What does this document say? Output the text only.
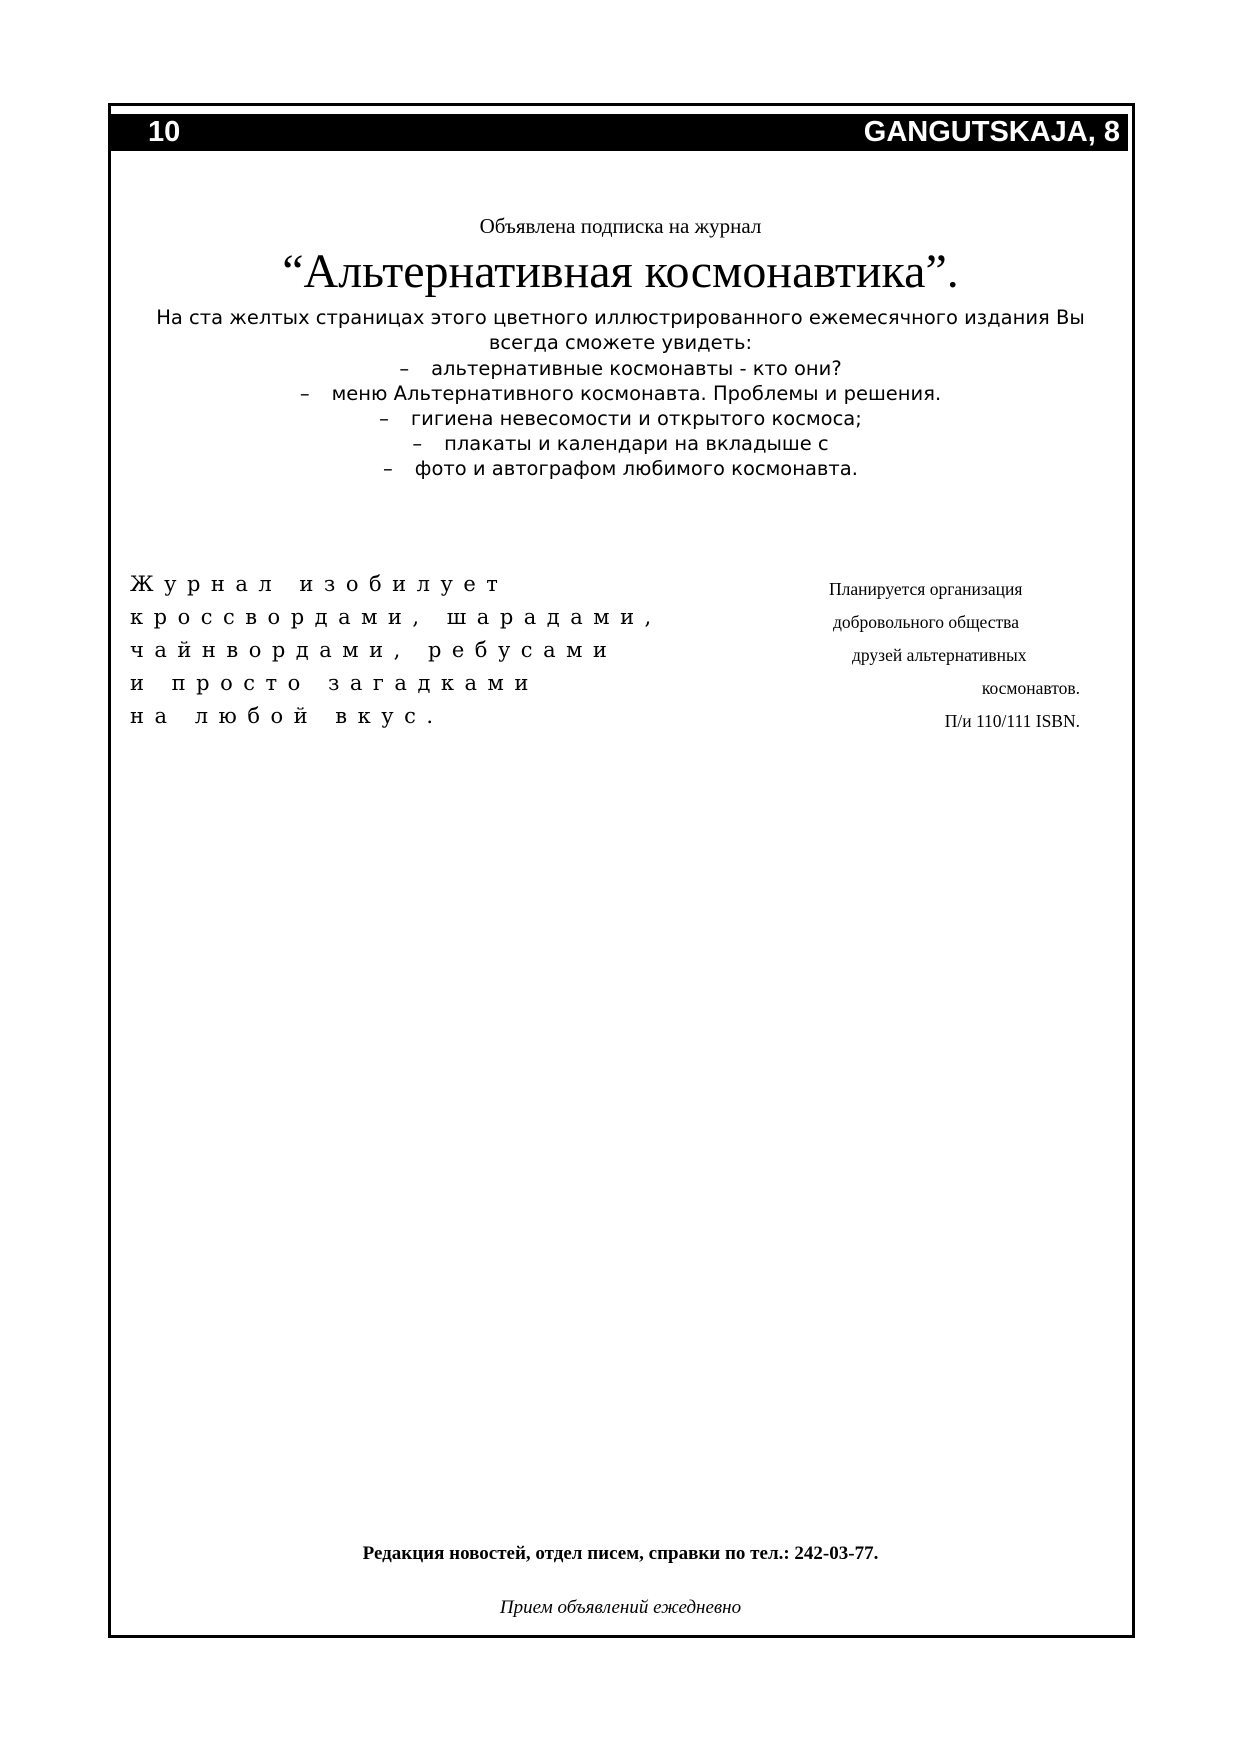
10	GANGUTSKAJA, 8
Объявлена подписка на журнал
“Альтернативная космонавтика”.
На ста желтых страницах этого цветного иллюстрированного ежемесячного издания Вы
всегда сможете увидеть:
– альтернативные космонавты - кто они?
– меню Альтернативного космонавта. Проблемы и решения.
– гигиена невесомости и открытого космоса;
– плакаты и календари на вкладыше с
– фото и автографом любимого космонавта.
Журнал изобилует
кроссвордами, шарадами,
чайнвордами, ребусами
и просто загадками
на любой вкус.
Планируется организация
добровольного общества
друзей альтернативных
космонавтов.
П/и 110/111 ISBN.
Редакция новостей, отдел писем, справки по тел.: 242-03-77.
Прием объявлений ежедневно
